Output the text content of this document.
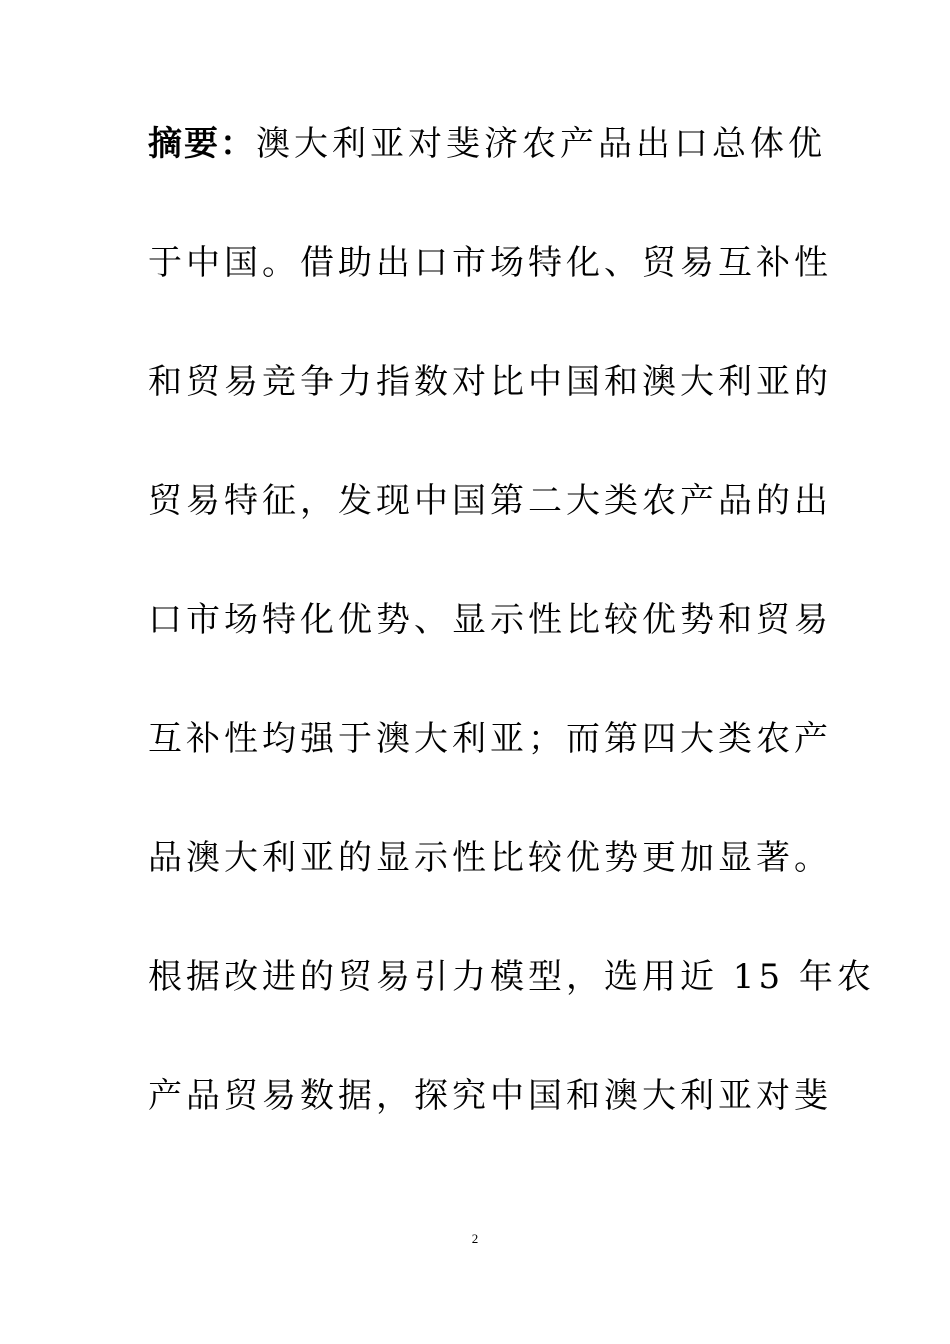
摘要：澳大利亚对斐济农产品出口总体优
于中国。借助出口市场特化、贸易互补性
和贸易竞争力指数对比中国和澳大利亚的
贸易特征，发现中国第二大类农产品的出
口市场特化优势、显示性比较优势和贸易
互补性均强于澳大利亚；而第四大类农产
品澳大利亚的显示性比较优势更加显著。
根据改进的贸易引力模型，选用近 15 年农
产品贸易数据，探究中国和澳大利亚对斐
2
